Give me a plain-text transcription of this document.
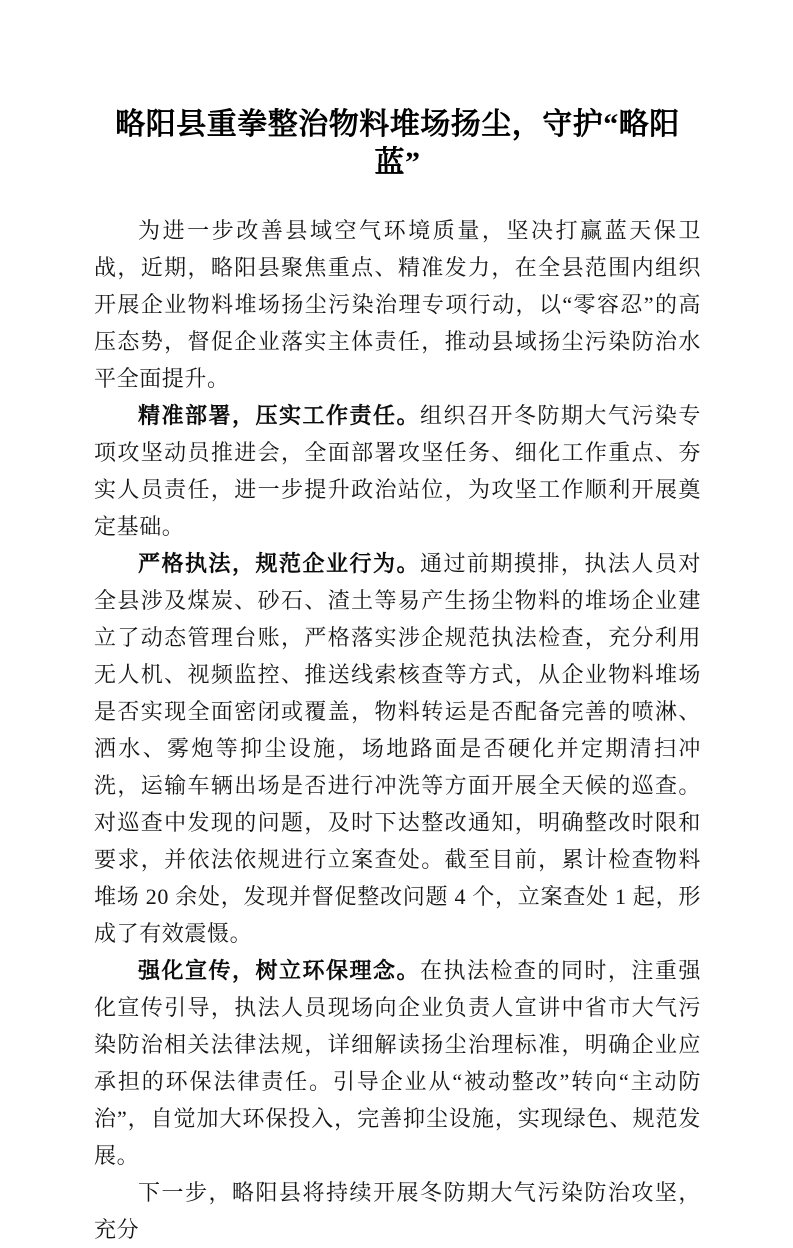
略阳县重拳整治物料堆场扬尘，守护“略阳蓝”

为进一步改善县域空气环境质量，坚决打赢蓝天保卫战，近期，略阳县聚焦重点、精准发力，在全县范围内组织开展企业物料堆场扬尘污染治理专项行动，以“零容忍”的高压态势，督促企业落实主体责任，推动县域扬尘污染防治水平全面提升。

精准部署，压实工作责任。组织召开冬防期大气污染专项攻坚动员推进会，全面部署攻坚任务、细化工作重点、夯实人员责任，进一步提升政治站位，为攻坚工作顺利开展奠定基础。

严格执法，规范企业行为。通过前期摸排，执法人员对全县涉及煤炭、砂石、渣土等易产生扬尘物料的堆场企业建立了动态管理台账，严格落实涉企规范执法检查，充分利用无人机、视频监控、推送线索核查等方式，从企业物料堆场是否实现全面密闭或覆盖，物料转运是否配备完善的喷淋、洒水、雾炮等抑尘设施，场地路面是否硬化并定期清扫冲洗，运输车辆出场是否进行冲洗等方面开展全天候的巡查。对巡查中发现的问题，及时下达整改通知，明确整改时限和要求，并依法依规进行立案查处。截至目前，累计检查物料堆场 20 余处，发现并督促整改问题 4 个，立案查处 1 起，形成了有效震慑。

强化宣传，树立环保理念。在执法检查的同时，注重强化宣传引导，执法人员现场向企业负责人宣讲中省市大气污染防治相关法律法规，详细解读扬尘治理标准，明确企业应承担的环保法律责任。引导企业从“被动整改”转向“主动防治”，自觉加大环保投入，完善抑尘设施，实现绿色、规范发展。

下一步，略阳县将持续开展冬防期大气污染防治攻坚，充分
